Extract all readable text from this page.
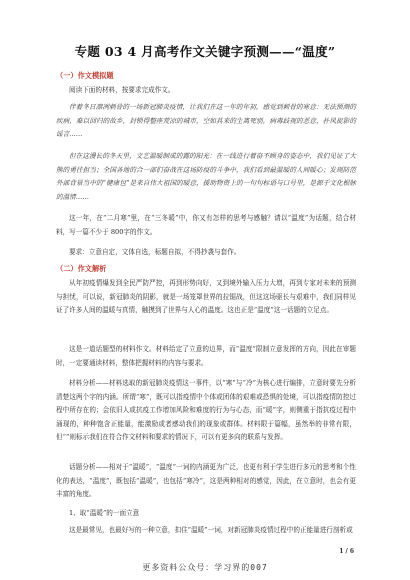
专题 03 4 月高考作文关键字预测——“温度”
（一）作文模拟题
阅读下面的材料，按要求完成作文。
伴着冬日凛冽刺骨的一场新冠肺炎疫情，让我们在这一年的年初，感觉到刺骨的寒意：无法预测的疾病，难以回归的故乡，封锁得整座荒凉的城市，空如其来的生离死别，病毒歧视的恶意，扑风捉影的谣言……
但在这漫长的冬天里，文艺温暖制成的露的阳光：在一线进行着奋不顾身的姿态中，我们见证了大熊的勇往担当；全国各地的合一部们奋战在这场防疫的斗争中，我们看到最温暖的人间暖心；发现防范外部背景当中的“健康包”是来自伟大祖国的暖意，援助物资上的一句句标语与口号里，是源于文化根脉的温情……
这一年，在“二月寒”里，在“三冬暖”中，你又有怎样的思考与感触？请以“温度”为话题，结合材料，写一篇不少于 800字的作文。
要求：立意自定，文体自选，标题自拟，不得抄袭与套作。
（二）作文解析
从年初疫情爆发到全民严防严控，再到形势向好，又到境外输入压力大增，再到专家对未来的预测与担忧，可以说，新冠肺炎的阴影，就是一场笼罩世界的拉锯战，但这这场驱长与艰难中，我们同样见证了许多人间的温暖与真情，触摸到了世界与人心的温度。这也正是“温度”这一话题的立足点。
这是一道话题型的材料作文。材料给定了立意的边界，而“温度”限制立意发挥的方向，因此在审题时，一定要通读材料，整体把握材料的内容与要求。
材料分析——材料选取的新冠肺炎疫情这一事件，以“寒”与“冷”为核心进行编排，立意时要先分析清楚这两个字的内涵。所谓“寒”，既可以指疫情中个体或团体的艰难或恐惧的处境，可以指疫情防控过程中所存在的；会依旧人或抗疫工作增加风险和难度的行为与心态，而“暖”字，则侧重于指抗疫过程中涌现的，种种饱含正能量，能激励或者感动我们的现象或群体。材料限于篇幅，虽然举的非常有限，但“”则标示我们在符合作文材料和要求的情况下，可以有更多向的联系与发挥。
话题分析——相对于“温暖”，“温度”一词的内涵更为广泛，也更有利于学生进行多元的思考和个性化的表达，“温度”，既包括“温暖”，也包括“寒冷”，这是两种相对的感觉，因此，在立意时，也会有更丰富的角度。
1、取“温暖”的一面立意
这是最常见，也最好写的一种立意，扣住“温暖”一词，对新冠肺炎疫情过程中的正能量进行剖析或
1 / 6
更多资料公众号：学习界的007
